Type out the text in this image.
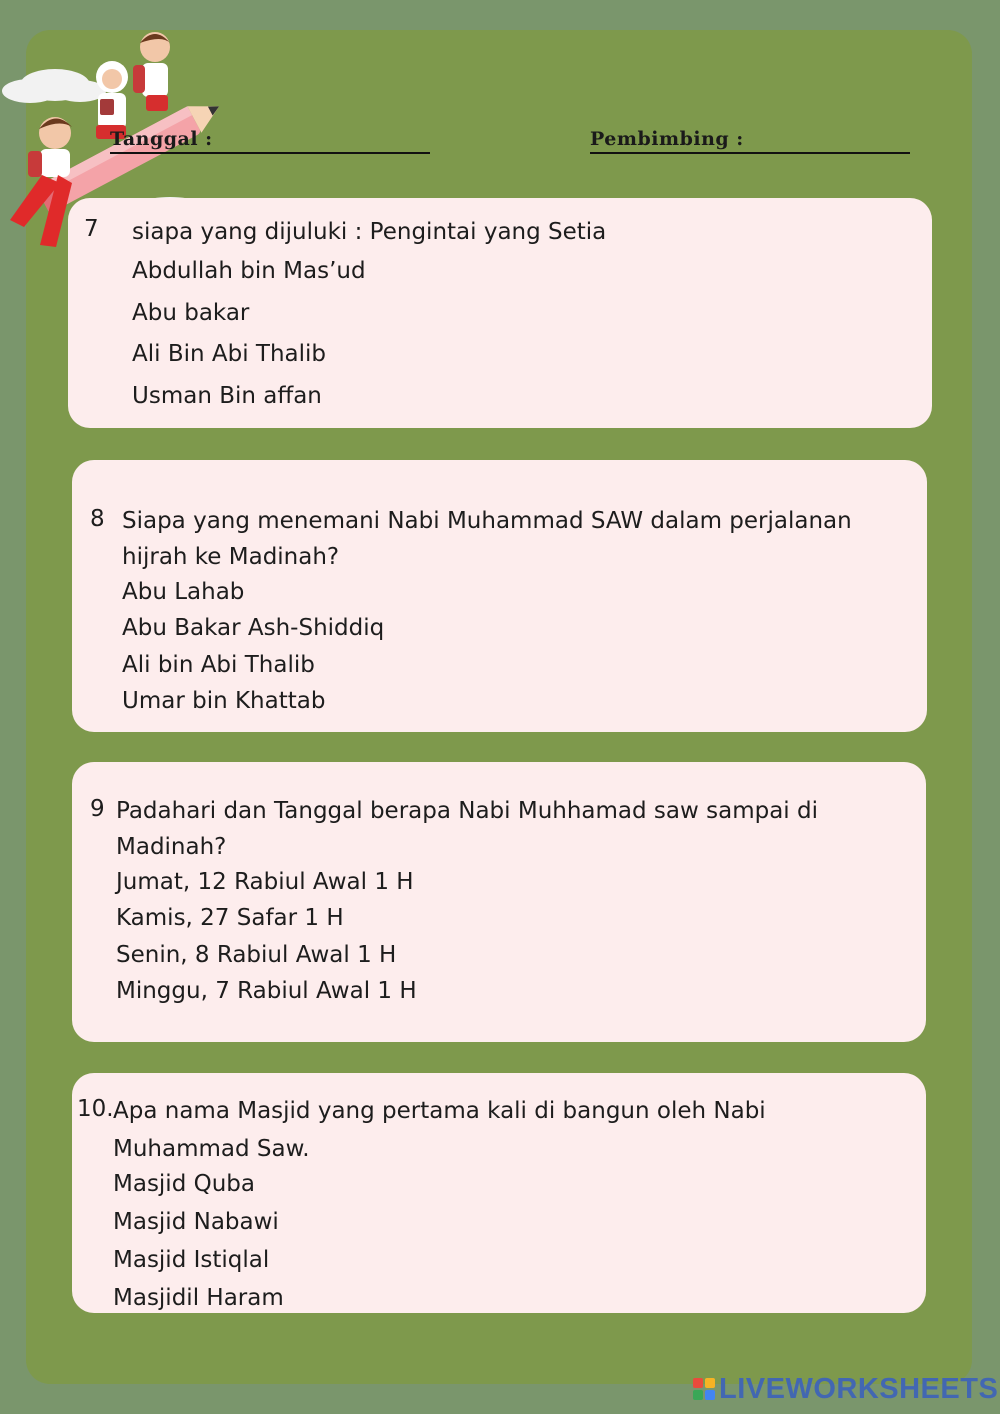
Tanggal :	Pembimbing :
7 siapa yang dijuluki : Pengintai yang Setia
Abdullah bin Mas’ud
Abu bakar
Ali Bin Abi Thalib
Usman Bin affan
8 Siapa yang menemani Nabi Muhammad SAW dalam perjalanan hijrah ke Madinah?
Abu Lahab
Abu Bakar Ash-Shiddiq
Ali bin Abi Thalib
Umar bin Khattab
9 Padahari dan Tanggal berapa Nabi Muhhamad saw sampai di Madinah?
Jumat, 12 Rabiul Awal 1 H
Kamis, 27 Safar 1 H
Senin, 8 Rabiul Awal 1 H
Minggu, 7 Rabiul Awal 1 H
10. Apa nama Masjid yang pertama kali di bangun oleh Nabi Muhammad Saw.
Masjid Quba
Masjid Nabawi
Masjid Istiqlal
Masjidil Haram
LIVEWORKSHEETS
